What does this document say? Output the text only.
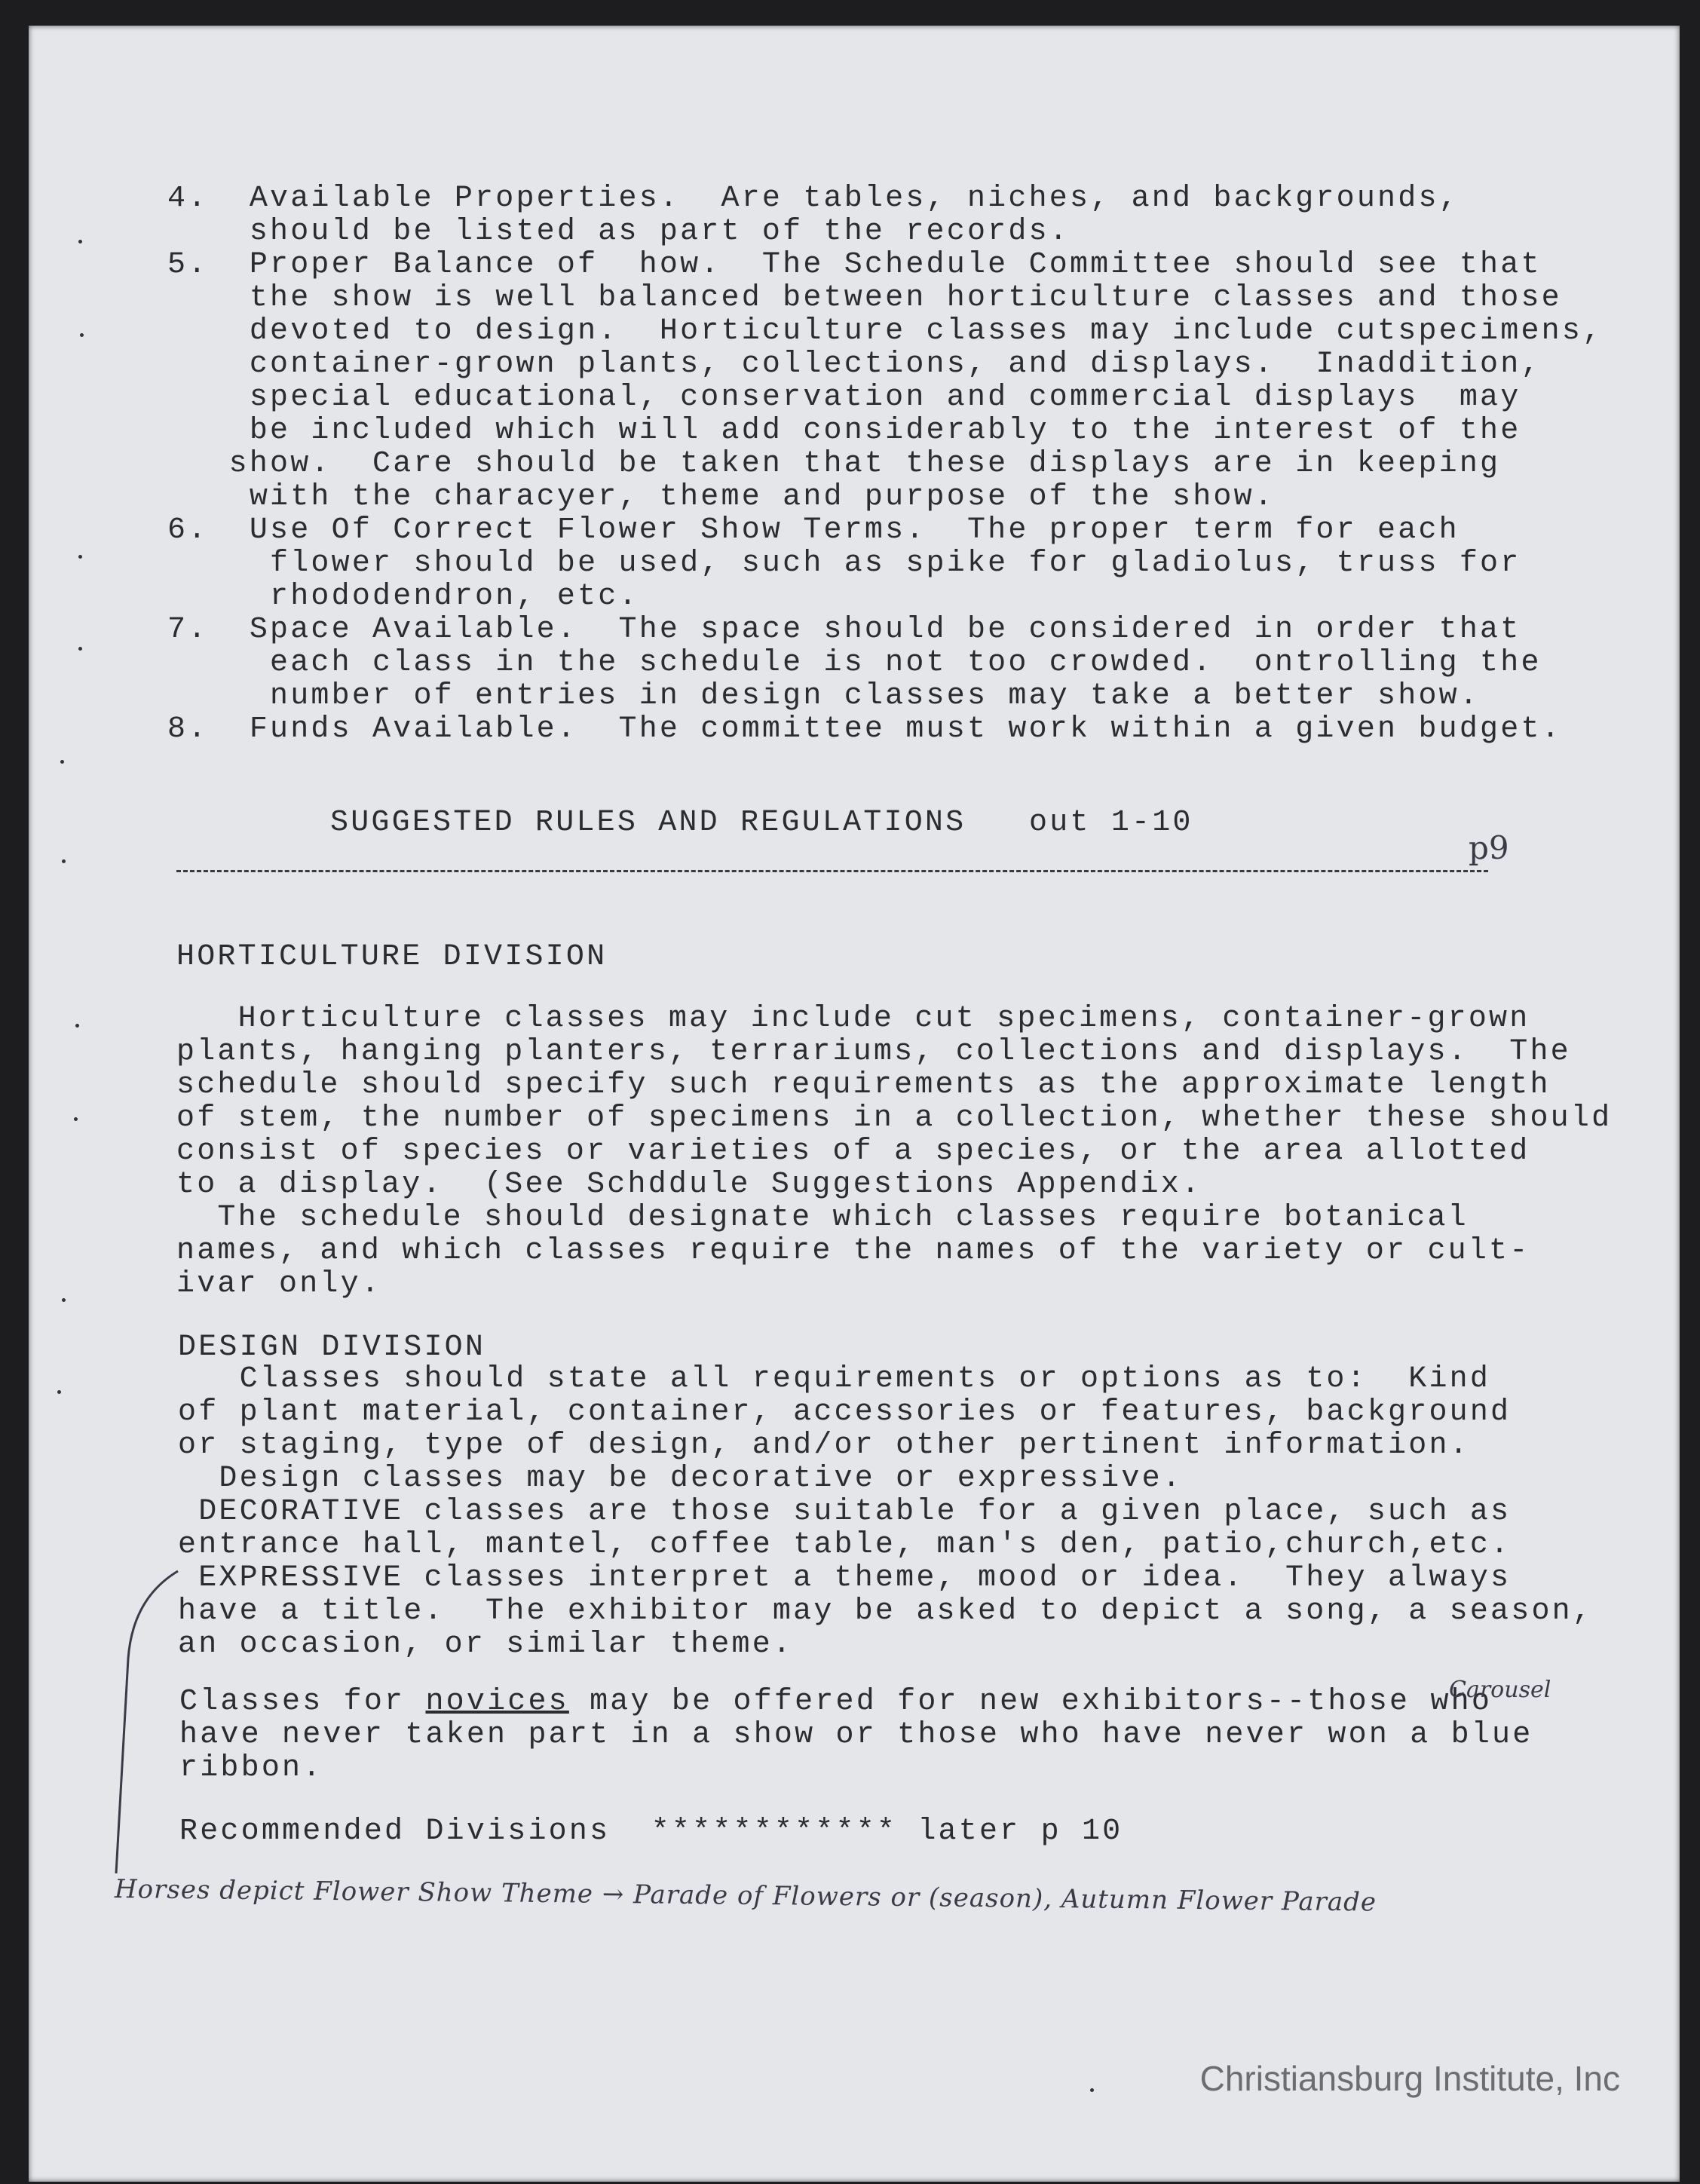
4.  Available Properties.  Are tables, niches, and backgrounds,
should be listed as part of the records.
5.  Proper Balance of  how.  The Schedule Committee should see that
the show is well balanced between horticulture classes and those
devoted to design.  Horticulture classes may include cutspecimens,
container-grown plants, collections, and displays.  Inaddition,
special educational, conservation and commercial displays  may
be included which will add considerably to the interest of the
show.  Care should be taken that these displays are in keeping
with the characyer, theme and purpose of the show.
6.  Use Of Correct Flower Show Terms.  The proper term for each
flower should be used, such as spike for gladiolus, truss for
rhododendron, etc.
7.  Space Available.  The space should be considered in order that
each class in the schedule is not too crowded.  ontrolling the
number of entries in design classes may take a better show.
8.  Funds Available.  The committee must work within a given budget.
SUGGESTED RULES AND REGULATIONS out 1-10
p9
HORTICULTURE DIVISION
Horticulture classes may include cut specimens, container-grown
plants, hanging planters, terrariums, collections and displays.  The
schedule should specify such requirements as the approximate length
of stem, the number of specimens in a collection, whether these should
consist of species or varieties of a species, or the area allotted
to a display.  (See Schddule Suggestions Appendix.
The schedule should designate which classes require botanical
names, and which classes require the names of the variety or cult-
ivar only.
DESIGN DIVISION
Classes should state all requirements or options as to:  Kind
of plant material, container, accessories or features, background
or staging, type of design, and/or other pertinent information.
Design classes may be decorative or expressive.
DECORATIVE classes are those suitable for a given place, such as
entrance hall, mantel, coffee table, man's den, patio,church,etc.
EXPRESSIVE classes interpret a theme, mood or idea.  They always
have a title.  The exhibitor may be asked to depict a song, a season,
an occasion, or similar theme.
Classes for novices may be offered for new exhibitors--those who
have never taken part in a show or those who have never won a blue
ribbon.
Recommended Divisions  ************ later p 10
Carousel
Horses depict Flower Show Theme → Parade of Flowers or (season), Autumn Flower Parade
Christiansburg Institute, Inc
